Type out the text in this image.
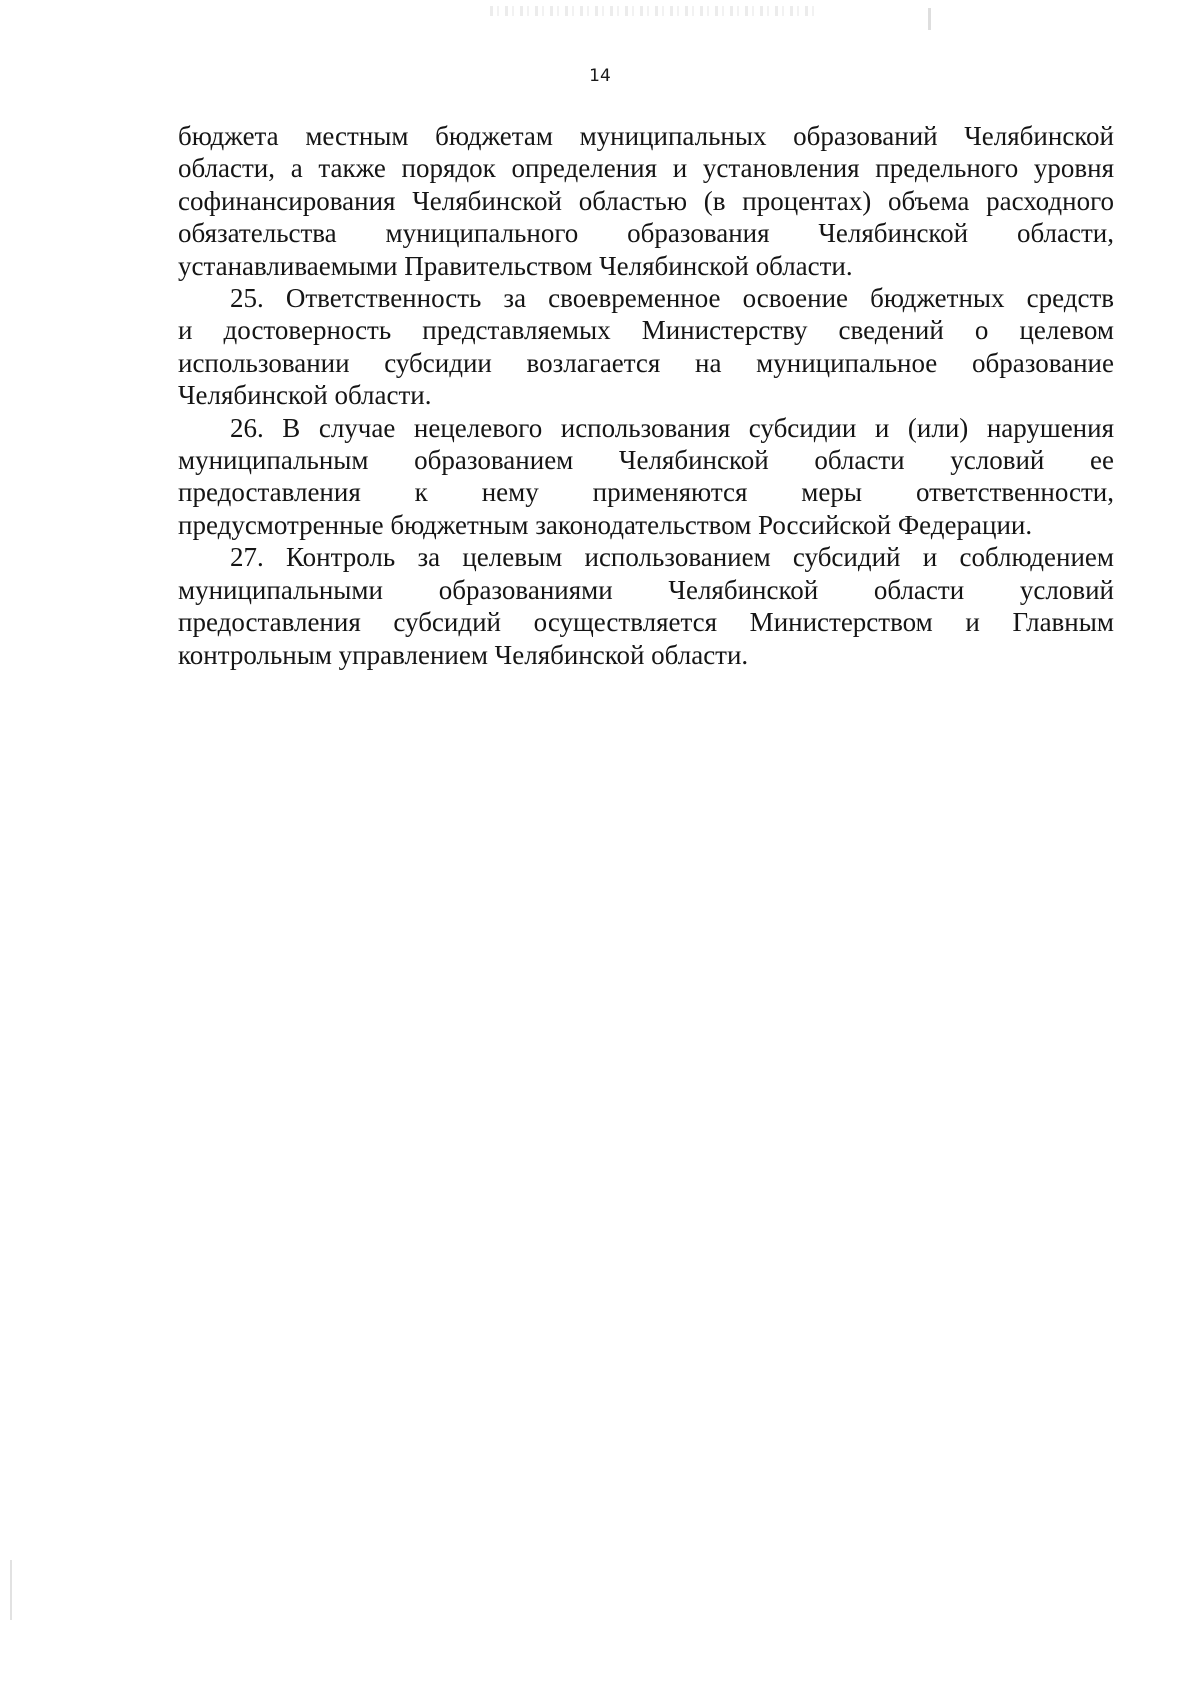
14

бюджета местным бюджетам муниципальных образований Челябинской
области, а также порядок определения и установления предельного уровня
софинансирования Челябинской областью (в процентах) объема расходного
обязательства муниципального образования Челябинской области,
устанавливаемыми Правительством Челябинской области.

25. Ответственность за своевременное освоение бюджетных средств
и достоверность представляемых Министерству сведений о целевом
использовании субсидии возлагается на муниципальное образование
Челябинской области.

26. В случае нецелевого использования субсидии и (или) нарушения
муниципальным образованием Челябинской области условий ее
предоставления к нему применяются меры ответственности,
предусмотренные бюджетным законодательством Российской Федерации.

27. Контроль за целевым использованием субсидий и соблюдением
муниципальными образованиями Челябинской области условий
предоставления субсидий осуществляется Министерством и Главным
контрольным управлением Челябинской области.
